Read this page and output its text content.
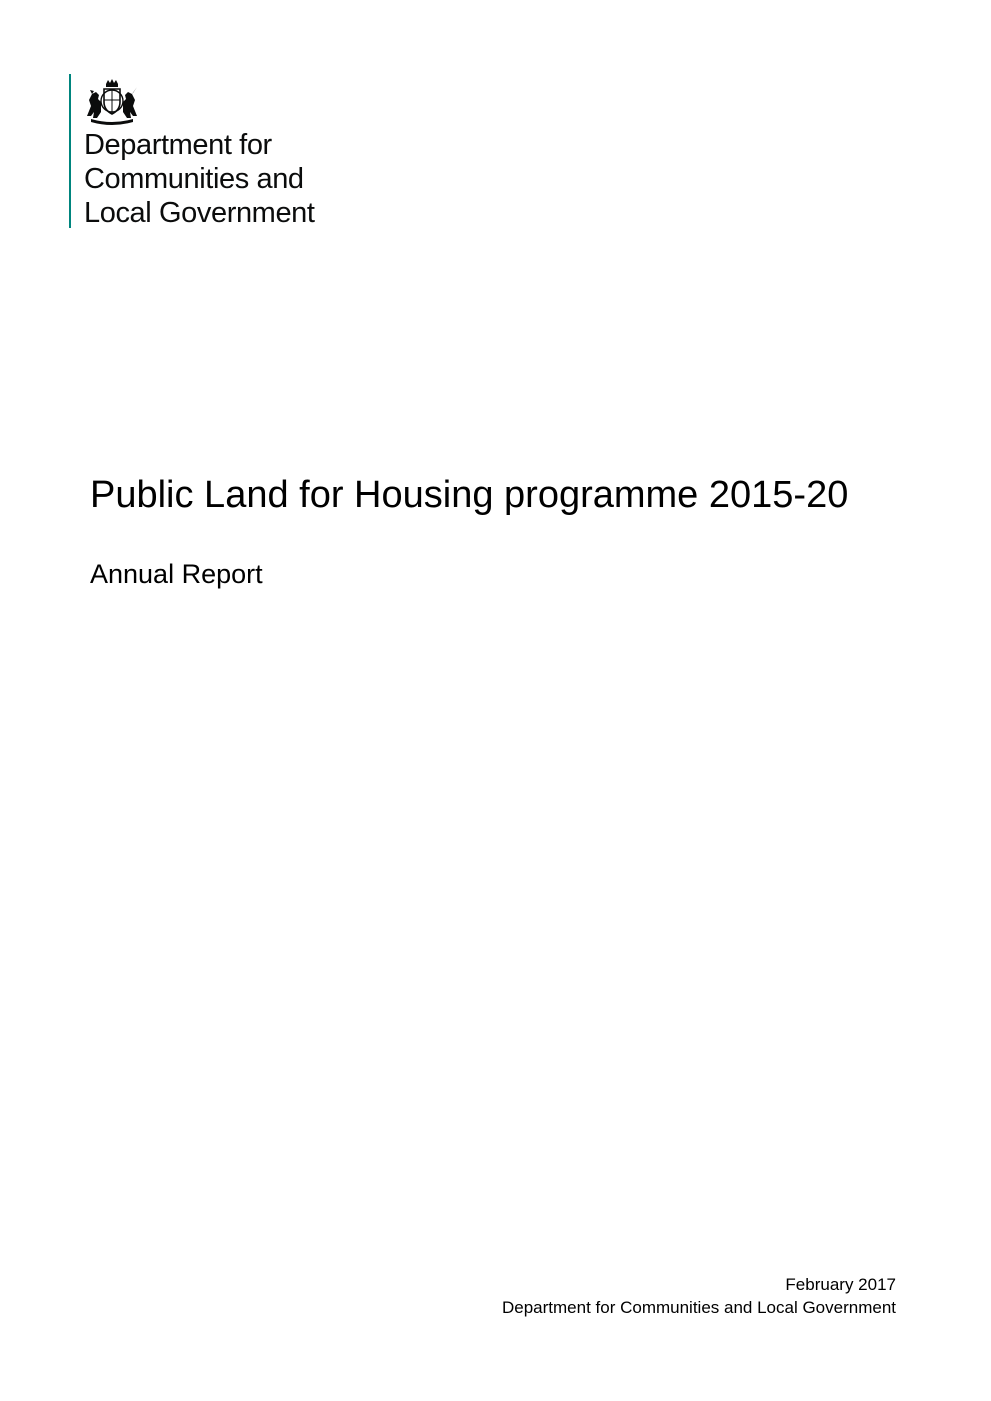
Department for
Communities and
Local Government
Public Land for Housing programme 2015-20
Annual Report
February 2017
Department for Communities and Local Government
